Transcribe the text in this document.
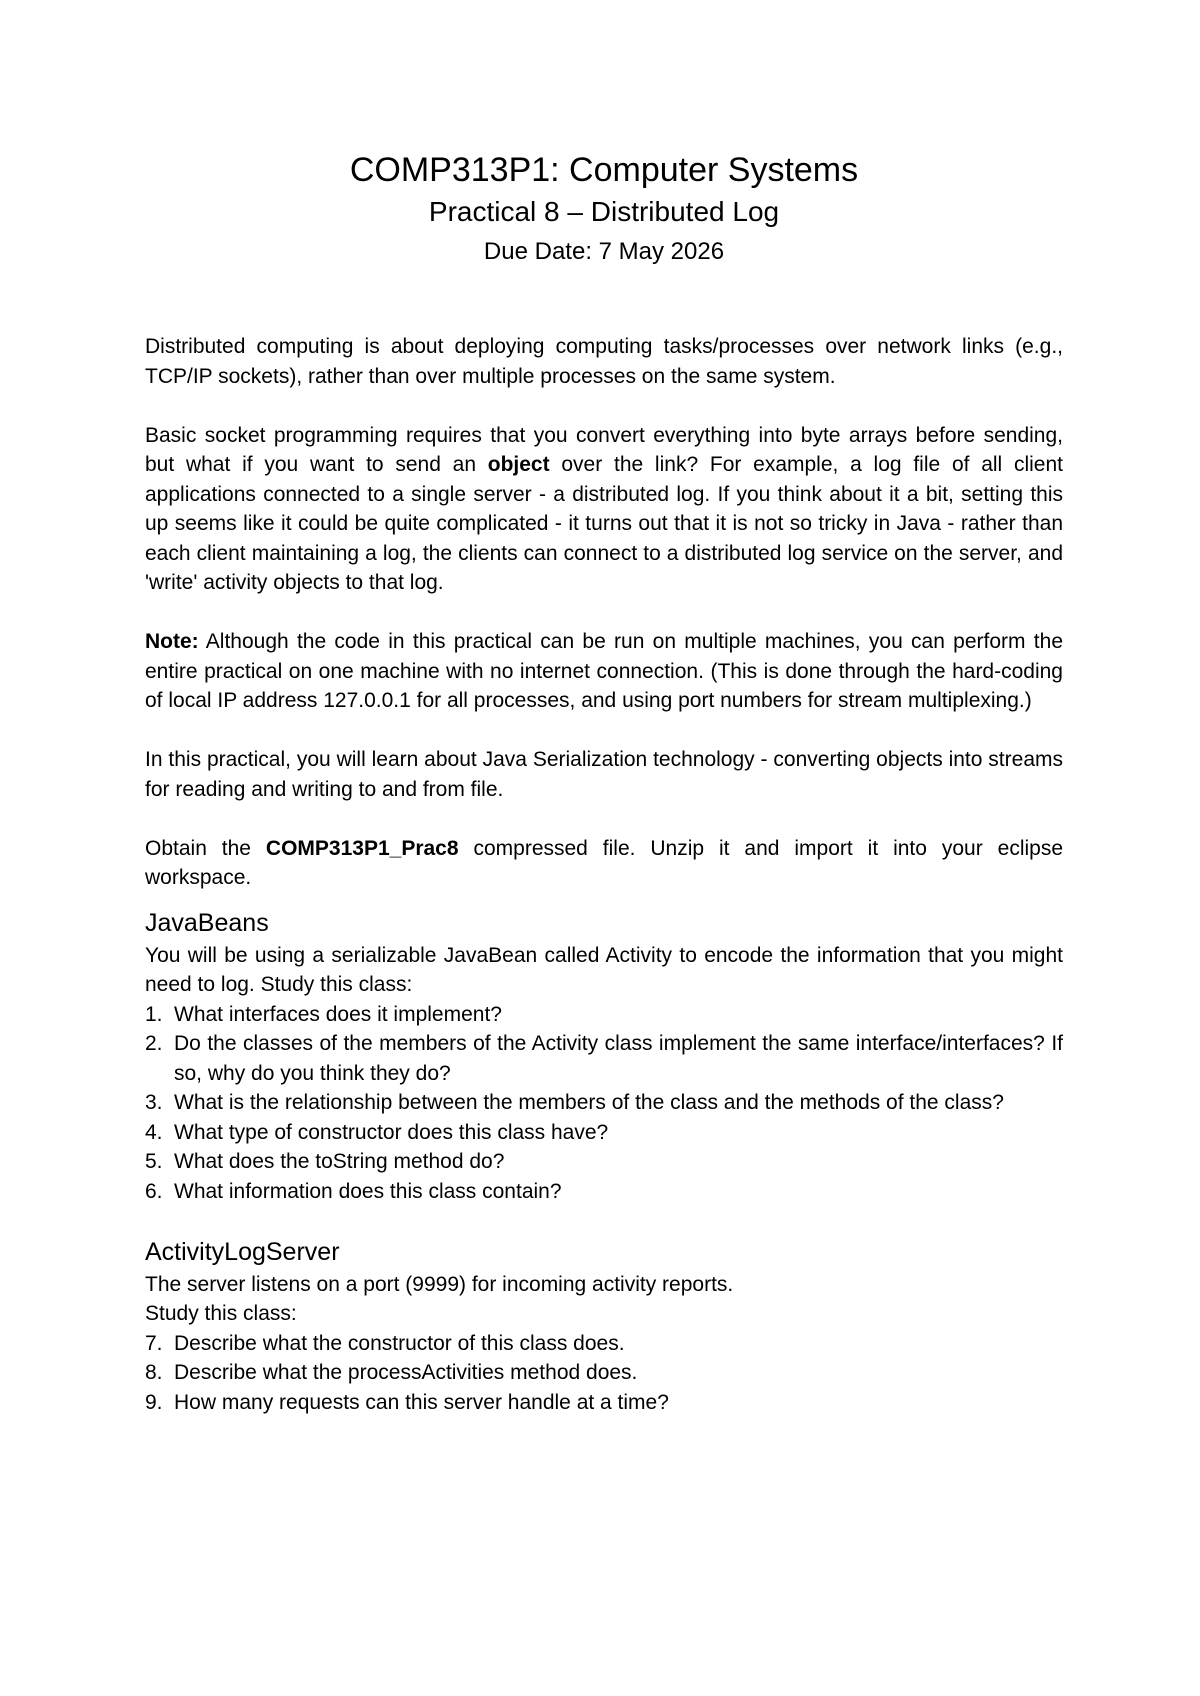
COMP313P1: Computer Systems
Practical 8 – Distributed Log
Due Date: 7 May 2026

Distributed computing is about deploying computing tasks/processes over network links (e.g., TCP/IP sockets), rather than over multiple processes on the same system.

Basic socket programming requires that you convert everything into byte arrays before sending, but what if you want to send an object over the link? For example, a log file of all client applications connected to a single server - a distributed log. If you think about it a bit, setting this up seems like it could be quite complicated - it turns out that it is not so tricky in Java - rather than each client maintaining a log, the clients can connect to a distributed log service on the server, and 'write' activity objects to that log.

Note: Although the code in this practical can be run on multiple machines, you can perform the entire practical on one machine with no internet connection. (This is done through the hard-coding of local IP address 127.0.0.1 for all processes, and using port numbers for stream multiplexing.)

In this practical, you will learn about Java Serialization technology - converting objects into streams for reading and writing to and from file.

Obtain the COMP313P1_Prac8 compressed file. Unzip it and import it into your eclipse workspace.

JavaBeans

You will be using a serializable JavaBean called Activity to encode the information that you might need to log. Study this class:

1. What interfaces does it implement?
2. Do the classes of the members of the Activity class implement the same interface/interfaces? If so, why do you think they do?
3. What is the relationship between the members of the class and the methods of the class?
4. What type of constructor does this class have?
5. What does the toString method do?
6. What information does this class contain?
ActivityLogServer

The server listens on a port (9999) for incoming activity reports.

Study this class:

7. Describe what the constructor of this class does.
8. Describe what the processActivities method does.
9. How many requests can this server handle at a time?
